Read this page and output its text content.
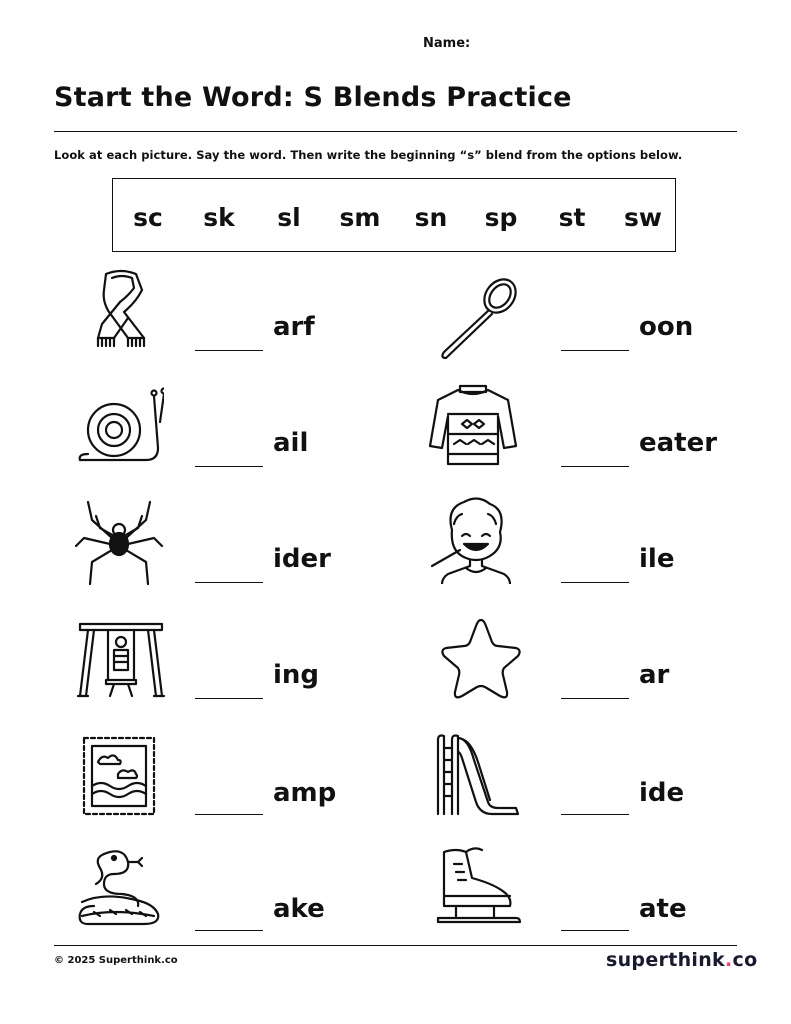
Name:
Start the Word: S Blends Practice
Look at each picture. Say the word. Then write the beginning “s” blend from the options below.
sc sk sl sm sn sp st sw
arf	oon
ail	eater
ider	ile
ing	ar
amp	ide
ake	ate
© 2025 Superthink.co	superthink.co
